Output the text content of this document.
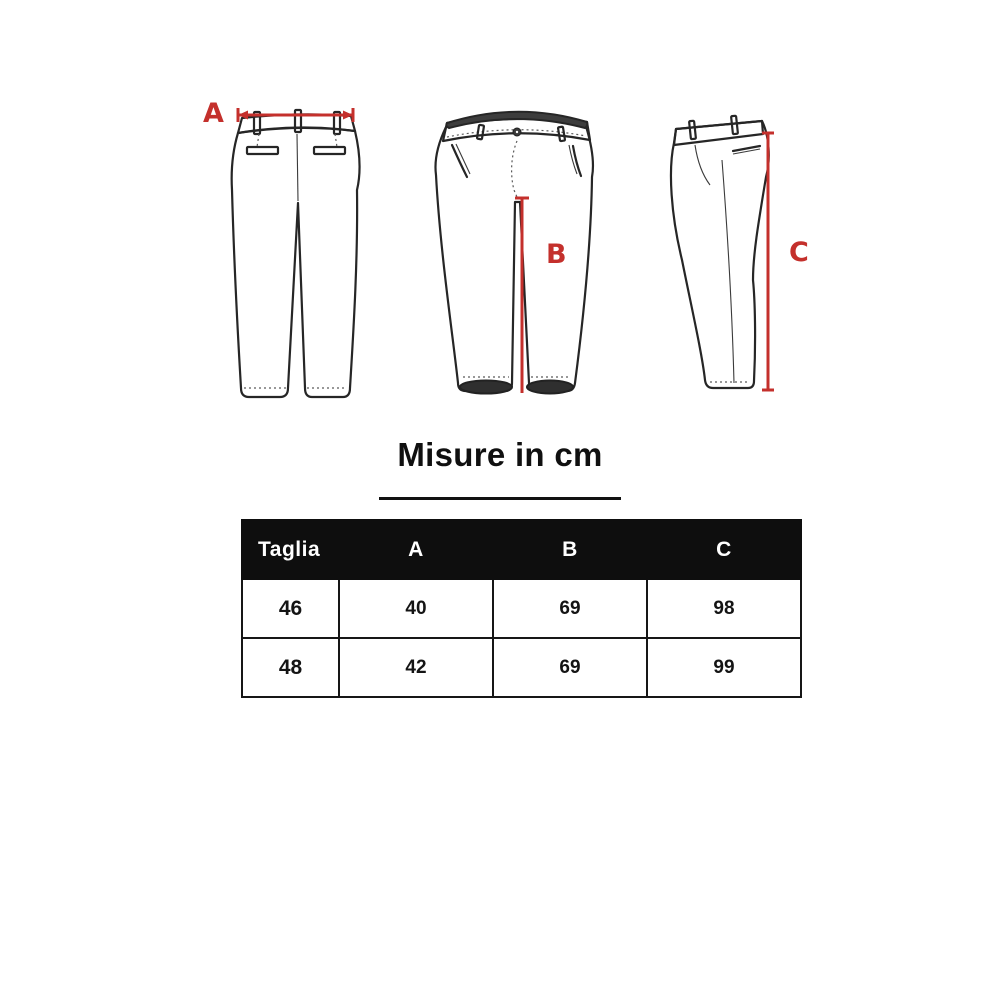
A
B	C
Misure in cm
Taglia	A	B	C
46	40	69	98
48	42	69	99
